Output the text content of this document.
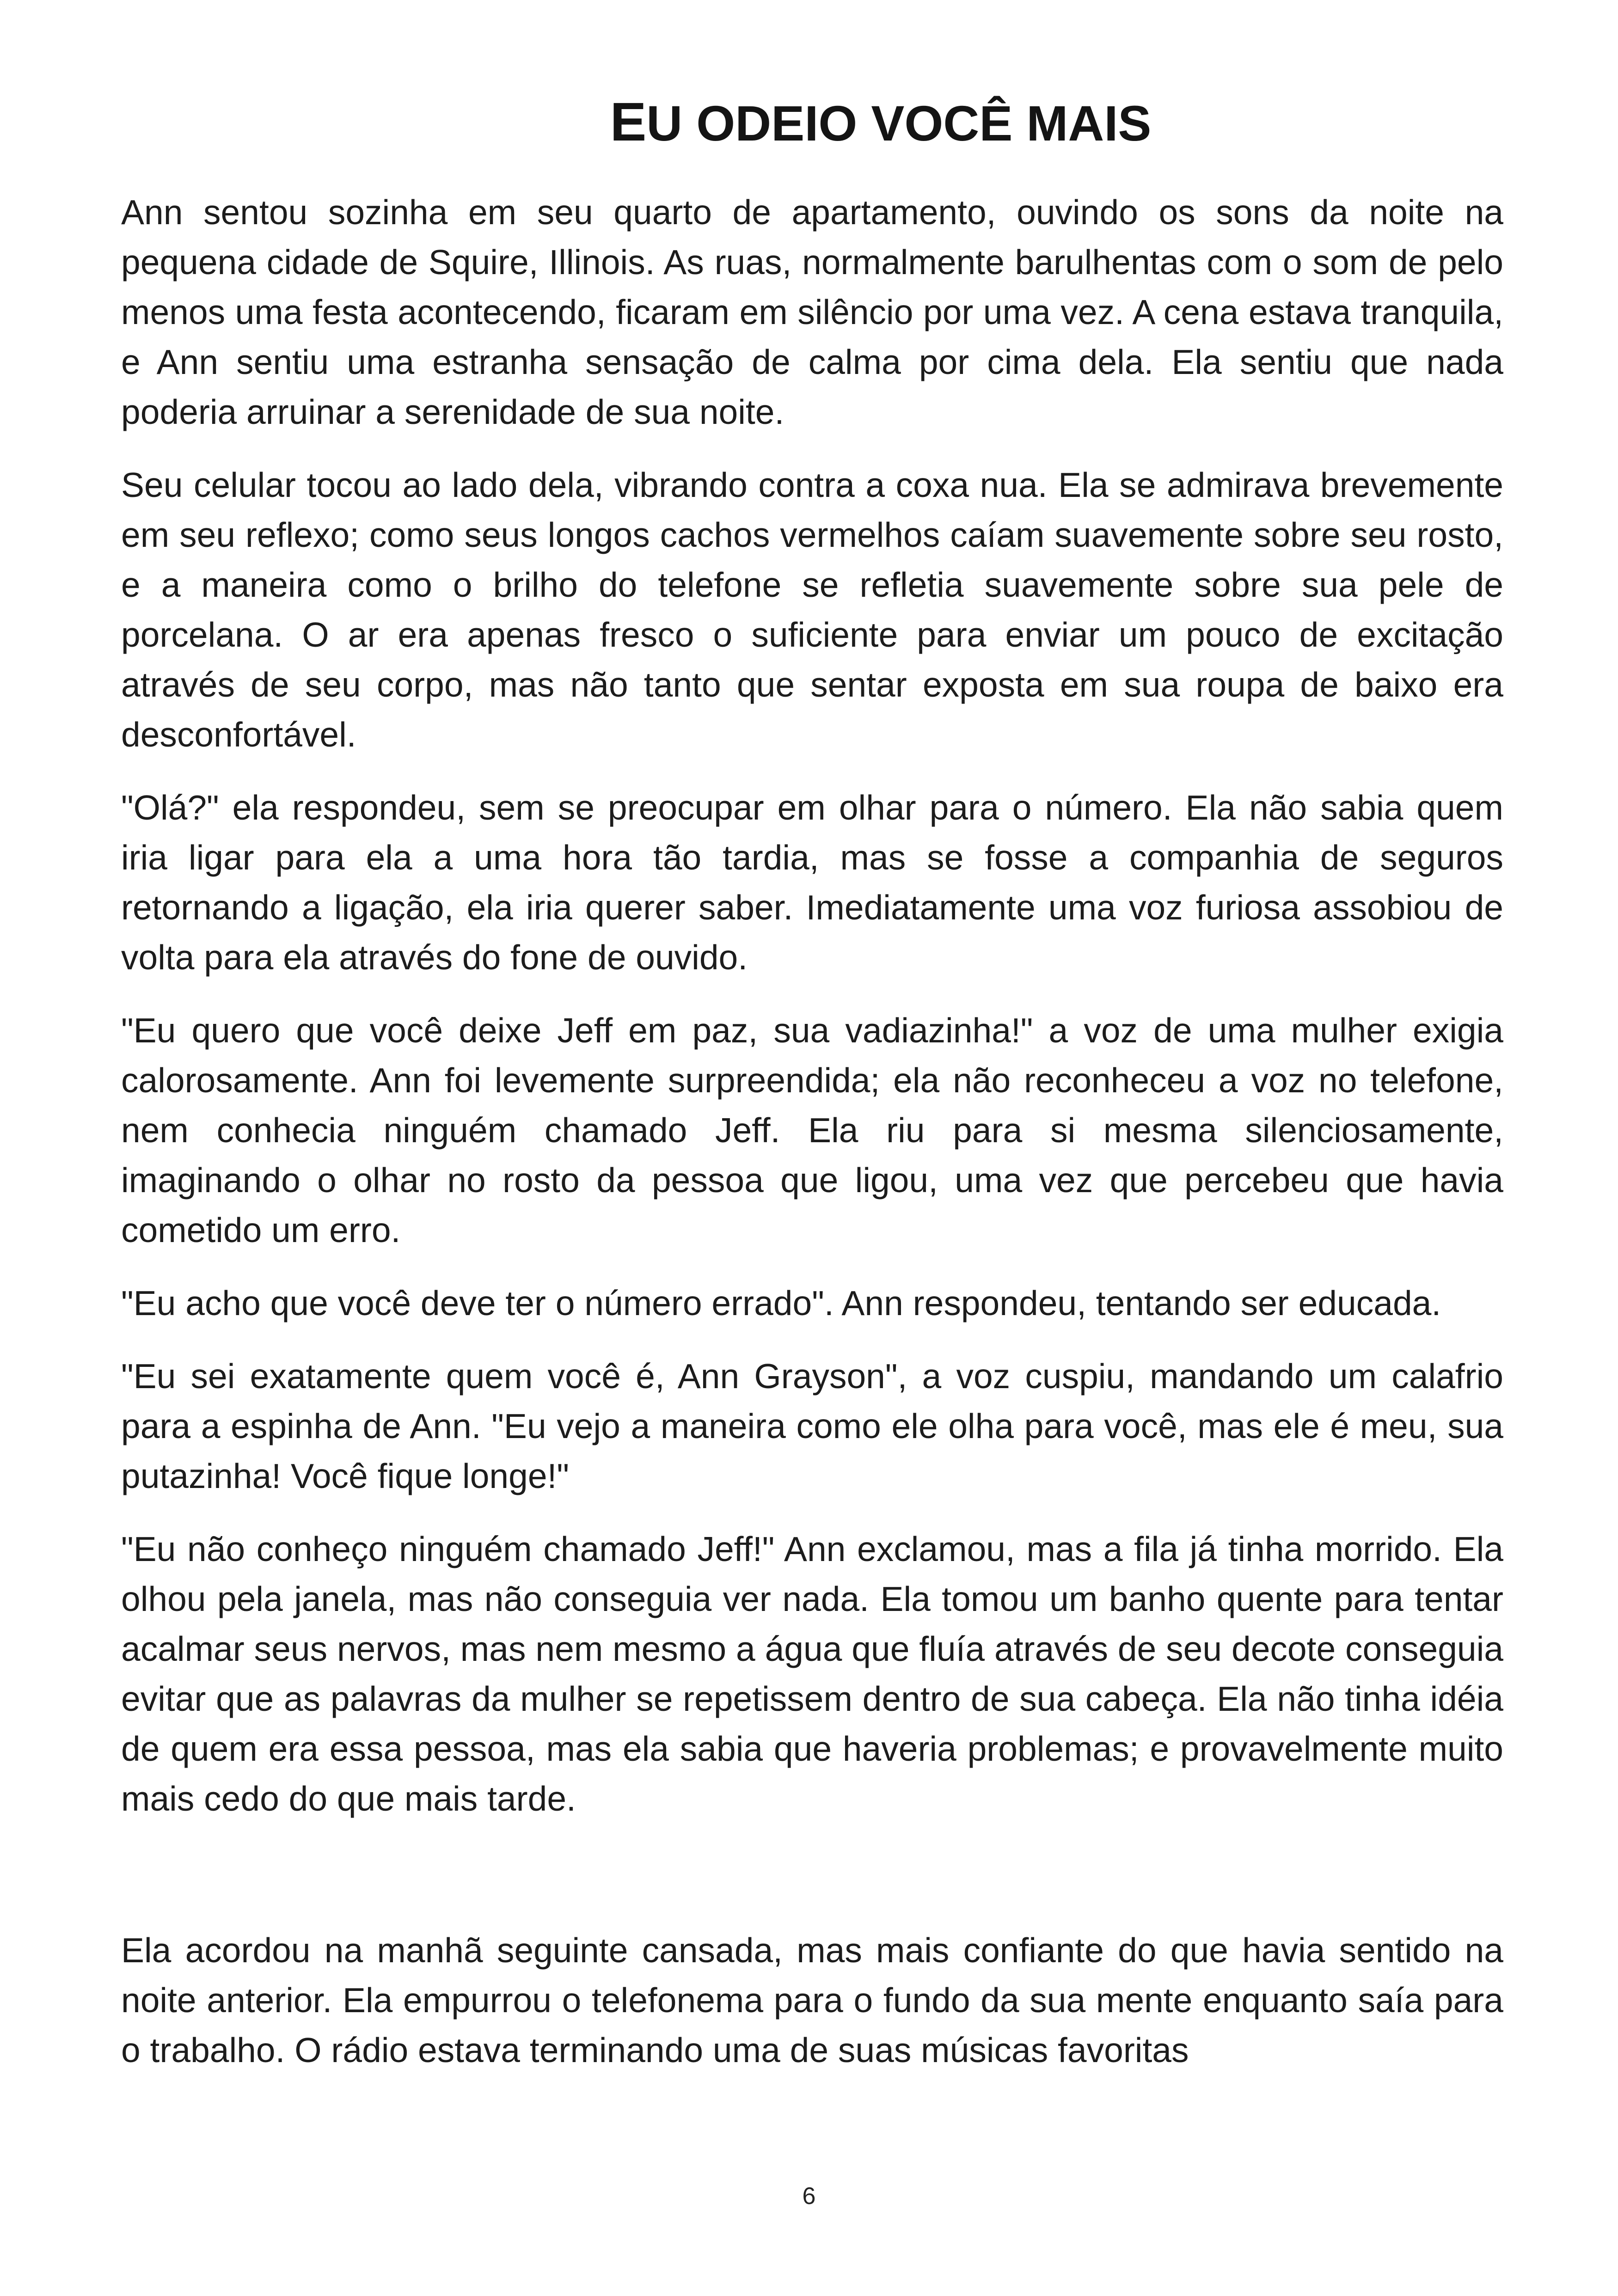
EU ODEIO VOCÊ MAIS

Ann sentou sozinha em seu quarto de apartamento, ouvindo os sons da noite na pequena cidade de Squire, Illinois. As ruas, normalmente barulhentas com o som de pelo menos uma festa acontecendo, ficaram em silêncio por uma vez. A cena estava tranquila, e Ann sentiu uma estranha sensação de calma por cima dela. Ela sentiu que nada poderia arruinar a serenidade de sua noite.

Seu celular tocou ao lado dela, vibrando contra a coxa nua. Ela se admirava brevemente em seu reflexo; como seus longos cachos vermelhos caíam suavemente sobre seu rosto, e a maneira como o brilho do telefone se refletia suavemente sobre sua pele de porcelana. O ar era apenas fresco o suficiente para enviar um pouco de excitação através de seu corpo, mas não tanto que sentar exposta em sua roupa de baixo era desconfortável.

"Olá?" ela respondeu, sem se preocupar em olhar para o número. Ela não sabia quem iria ligar para ela a uma hora tão tardia, mas se fosse a companhia de seguros retornando a ligação, ela iria querer saber. Imediatamente uma voz furiosa assobiou de volta para ela através do fone de ouvido.

"Eu quero que você deixe Jeff em paz, sua vadiazinha!" a voz de uma mulher exigia calorosamente. Ann foi levemente surpreendida; ela não reconheceu a voz no telefone, nem conhecia ninguém chamado Jeff. Ela riu para si mesma silenciosamente, imaginando o olhar no rosto da pessoa que ligou, uma vez que percebeu que havia cometido um erro.

"Eu acho que você deve ter o número errado". Ann respondeu, tentando ser educada.

"Eu sei exatamente quem você é, Ann Grayson", a voz cuspiu, mandando um calafrio para a espinha de Ann. "Eu vejo a maneira como ele olha para você, mas ele é meu, sua putazinha! Você fique longe!"

"Eu não conheço ninguém chamado Jeff!" Ann exclamou, mas a fila já tinha morrido. Ela olhou pela janela, mas não conseguia ver nada. Ela tomou um banho quente para tentar acalmar seus nervos, mas nem mesmo a água que fluía através de seu decote conseguia evitar que as palavras da mulher se repetissem dentro de sua cabeça. Ela não tinha idéia de quem era essa pessoa, mas ela sabia que haveria problemas; e provavelmente muito mais cedo do que mais tarde.

Ela acordou na manhã seguinte cansada, mas mais confiante do que havia sentido na noite anterior. Ela empurrou o telefonema para o fundo da sua mente enquanto saía para o trabalho. O rádio estava terminando uma de suas músicas favoritas

6
